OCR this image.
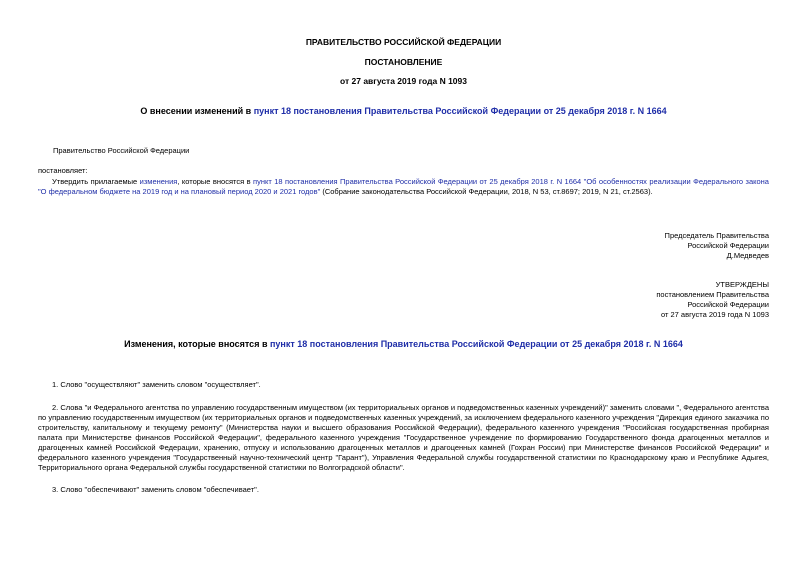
ПРАВИТЕЛЬСТВО РОССИЙСКОЙ ФЕДЕРАЦИИ
ПОСТАНОВЛЕНИЕ
от 27 августа 2019 года N 1093
О внесении изменений в пункт 18 постановления Правительства Российской Федерации от 25 декабря 2018 г. N 1664
Правительство Российской Федерации
постановляет:
Утвердить прилагаемые изменения, которые вносятся в пункт 18 постановления Правительства Российской Федерации от 25 декабря 2018 г. N 1664 "Об особенностях реализации Федерального закона "О федеральном бюджете на 2019 год и на плановый период 2020 и 2021 годов" (Собрание законодательства Российской Федерации, 2018, N 53, ст.8697; 2019, N 21, ст.2563).
Председатель Правительства
Российской Федерации
Д.Медведев
УТВЕРЖДЕНЫ
постановлением Правительства
Российской Федерации
от 27 августа 2019 года N 1093
Изменения, которые вносятся в пункт 18 постановления Правительства Российской Федерации от 25 декабря 2018 г. N 1664
1. Слово "осуществляют" заменить словом "осуществляет".
2. Слова "и Федерального агентства по управлению государственным имуществом (их территориальных органов и подведомственных казенных учреждений)" заменить словами ", Федерального агентства по управлению государственным имуществом (их территориальных органов и подведомственных казенных учреждений, за исключением федерального казенного учреждения "Дирекция единого заказчика по строительству, капитальному и текущему ремонту" (Министерства науки и высшего образования Российской Федерации), федерального казенного учреждения "Российская государственная пробирная палата при Министерстве финансов Российской Федерации", федерального казенного учреждения "Государственное учреждение по формированию Государственного фонда драгоценных металлов и драгоценных камней Российской Федерации, хранению, отпуску и использованию драгоценных металлов и драгоценных камней (Гохран России) при Министерстве финансов Российской Федерации" и федерального казенного учреждения "Государственный научно-технический центр "Гарант"), Управления Федеральной службы государственной статистики по Краснодарскому краю и Республике Адыгея, Территориального органа Федеральной службы государственной статистики по Волгоградской области".
3. Слово "обеспечивают" заменить словом "обеспечивает".
